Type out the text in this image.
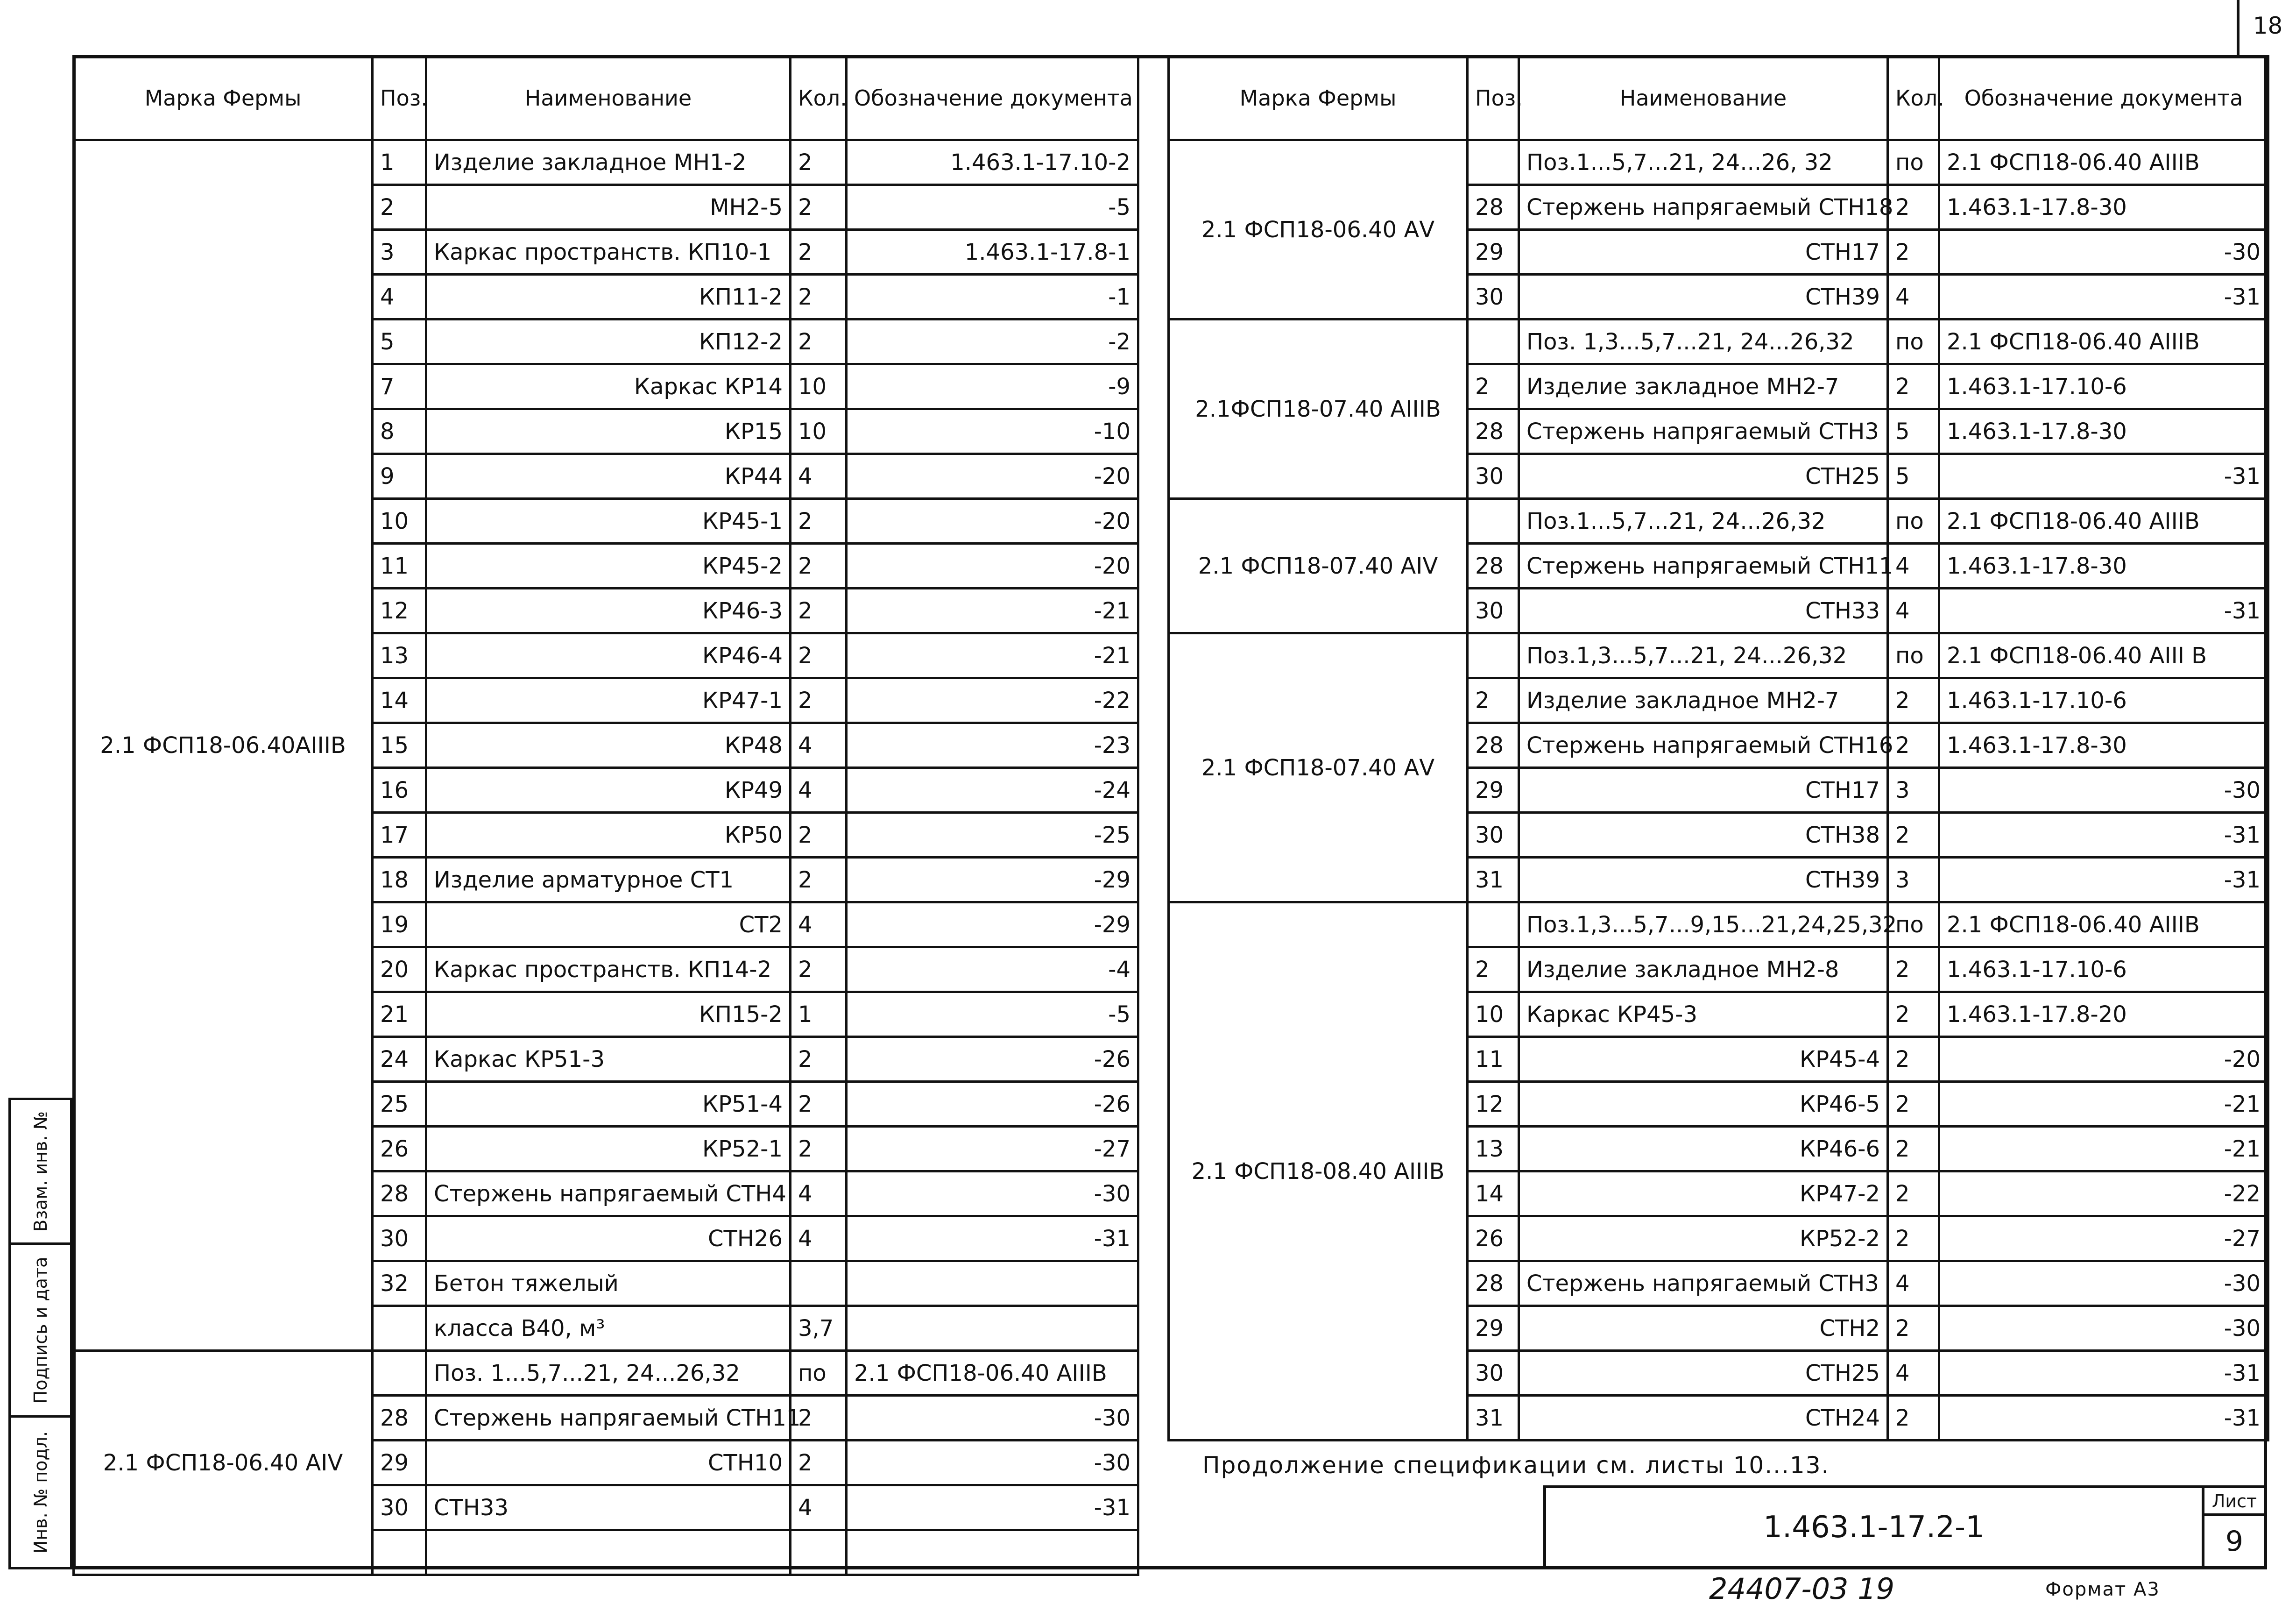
18
Марка Фермы	Поз.	Наименование	Кол.	Обозначение документа
2.1 ФСП18-06.40АIIIВ	1	Изделие закладное МН1-2	2	1.463.1-17.10-2
	2	МН2-5	2	-5
	3	Каркас пространств. КП10-1	2	1.463.1-17.8-1
	4	КП11-2	2	-1
	5	КП12-2	2	-2
	7	Каркас КР14	10	-9
	8	КР15	10	-10
	9	КР44	4	-20
	10	КР45-1	2	-20
	11	КР45-2	2	-20
	12	КР46-3	2	-21
	13	КР46-4	2	-21
	14	КР47-1	2	-22
	15	КР48	4	-23
	16	КР49	4	-24
	17	КР50	2	-25
	18	Изделие арматурное СТ1	2	-29
	19	СТ2	4	-29
	20	Каркас пространств. КП14-2	2	-4
	21	КП15-2	1	-5
	24	Каркас КР51-3	2	-26
	25	КР51-4	2	-26
	26	КР52-1	2	-27
	28	Стержень напрягаемый СТН4	4	-30
	30	СТН26	4	-31
	32	Бетон тяжелый		
		класса В40, м³	3,7	
2.1 ФСП18-06.40 АIV		Поз. 1...5,7...21, 24...26,32	по	2.1 ФСП18-06.40 АIIIВ
	28	Стержень напрягаемый СТН11	2	-30
	29	СТН10	2	-30
	30	СТН33	4	-31

Марка Фермы	Поз.	Наименование	Кол.	Обозначение документа
2.1 ФСП18-06.40 АV		Поз.1...5,7...21, 24...26, 32	по	2.1 ФСП18-06.40 АIIIВ
	28	Стержень напрягаемый СТН18	2	1.463.1-17.8-30
	29	СТН17	2	-30
	30	СТН39	4	-31
2.1ФСП18-07.40 АIIIВ		Поз. 1,3...5,7...21, 24...26,32	по	2.1 ФСП18-06.40 АIIIВ
	2	Изделие закладное МН2-7	2	1.463.1-17.10-6
	28	Стержень напрягаемый СТН3	5	1.463.1-17.8-30
	30	СТН25	5	-31
2.1 ФСП18-07.40 АIV		Поз.1...5,7...21, 24...26,32	по	2.1 ФСП18-06.40 АIIIВ
	28	Стержень напрягаемый СТН11	4	1.463.1-17.8-30
	30	СТН33	4	-31
2.1 ФСП18-07.40 АV		Поз.1,3...5,7...21, 24...26,32	по	2.1 ФСП18-06.40 АIII В
	2	Изделие закладное МН2-7	2	1.463.1-17.10-6
	28	Стержень напрягаемый СТН16	2	1.463.1-17.8-30
	29	СТН17	3	-30
	30	СТН38	2	-31
	31	СТН39	3	-31
2.1 ФСП18-08.40 АIIIВ		Поз.1,3...5,7...9,15...21,24,25,32	по	2.1 ФСП18-06.40 АIIIВ
	2	Изделие закладное МН2-8	2	1.463.1-17.10-6
	10	Каркас КР45-3	2	1.463.1-17.8-20
	11	КР45-4	2	-20
	12	КР46-5	2	-21
	13	КР46-6	2	-21
	14	КР47-2	2	-22
	26	КР52-2	2	-27
	28	Стержень напрягаемый СТН3	4	-30
	29	СТН2	2	-30
	30	СТН25	4	-31
	31	СТН24	2	-31
Продолжение спецификации см. листы 10...13.
1.463.1-17.2-1
Лист
9
Взам. инв. №
Подпись и дата
Инв. № подл.
24407-03 19	Формат А3
